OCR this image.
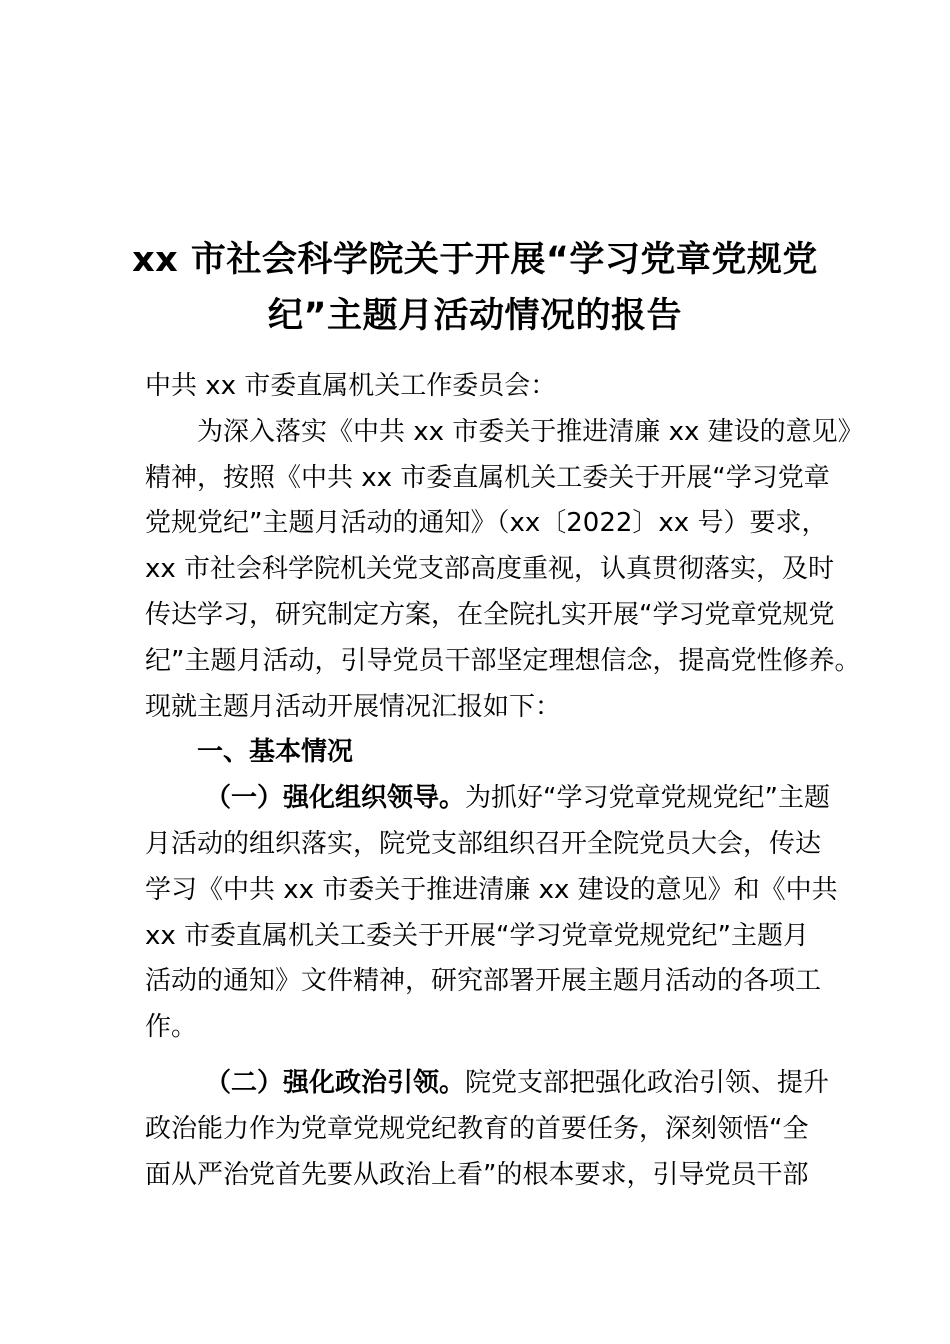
xx 市社会科学院关于开展“学习党章党规党
纪”主题月活动情况的报告

中共 xx 市委直属机关工作委员会：

为深入落实《中共 xx 市委关于推进清廉 xx 建设的意见》
精神，按照《中共 xx 市委直属机关工委关于开展“学习党章
党规党纪”主题月活动的通知》（xx〔2022〕xx 号）要求，
xx 市社会科学院机关党支部高度重视，认真贯彻落实，及时
传达学习，研究制定方案，在全院扎实开展“学习党章党规党
纪”主题月活动，引导党员干部坚定理想信念，提高党性修养。
现就主题月活动开展情况汇报如下：

一、基本情况

（一）强化组织领导。为抓好“学习党章党规党纪”主题
月活动的组织落实，院党支部组织召开全院党员大会，传达
学习《中共 xx 市委关于推进清廉 xx 建设的意见》和《中共
xx 市委直属机关工委关于开展“学习党章党规党纪”主题月
活动的通知》文件精神，研究部署开展主题月活动的各项工
作。

（二）强化政治引领。院党支部把强化政治引领、提升
政治能力作为党章党规党纪教育的首要任务，深刻领悟“全
面从严治党首先要从政治上看”的根本要求，引导党员干部
